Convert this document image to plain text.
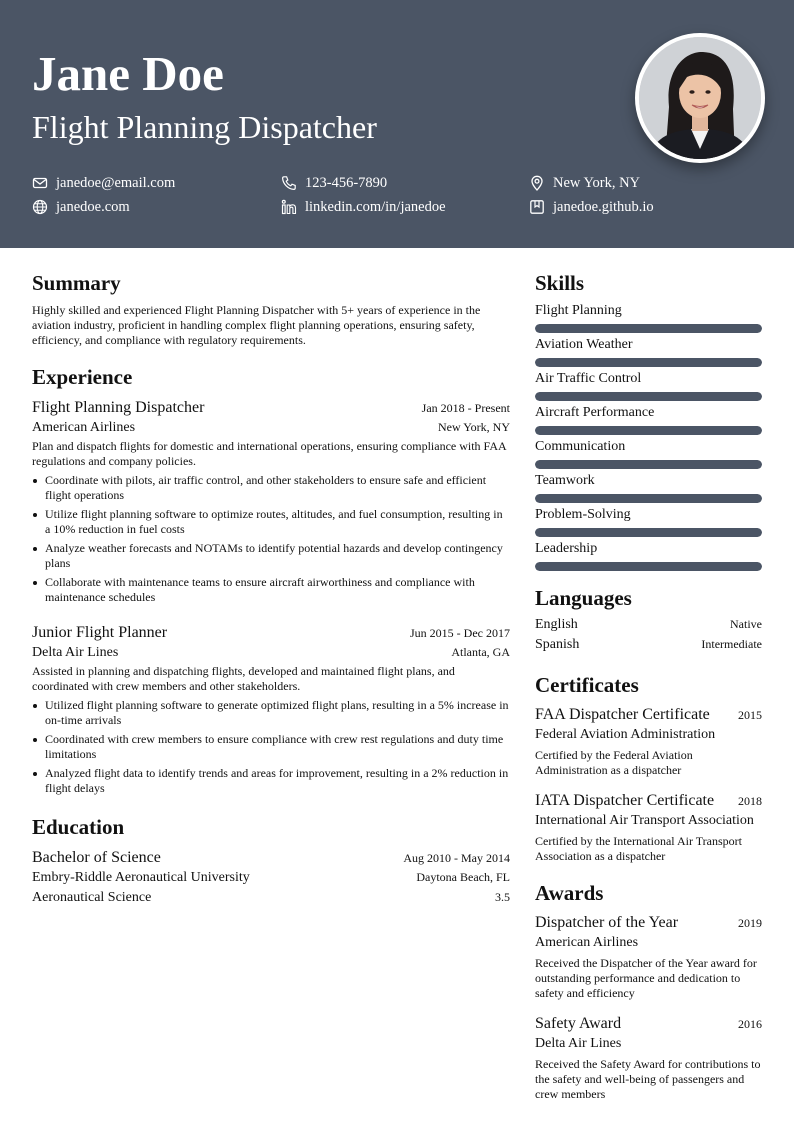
Jane Doe
Flight Planning Dispatcher
janedoe@email.com	123-456-7890	New York, NY
janedoe.com	linkedin.com/in/janedoe	janedoe.github.io
Summary

Highly skilled and experienced Flight Planning Dispatcher with 5+ years of experience in the aviation industry, proficient in handling complex flight planning operations, ensuring safety, efficiency, and compliance with regulatory requirements.

Experience
Flight Planning Dispatcher	Jan 2018 - Present
American Airlines	New York, NY

Plan and dispatch flights for domestic and international operations, ensuring compliance with FAA regulations and company policies.

Coordinate with pilots, air traffic control, and other stakeholders to ensure safe and efficient flight operations
Utilize flight planning software to optimize routes, altitudes, and fuel consumption, resulting in a 10% reduction in fuel costs
Analyze weather forecasts and NOTAMs to identify potential hazards and develop contingency plans
Collaborate with maintenance teams to ensure aircraft airworthiness and compliance with maintenance schedules
Junior Flight Planner	Jun 2015 - Dec 2017
Delta Air Lines	Atlanta, GA

Assisted in planning and dispatching flights, developed and maintained flight plans, and coordinated with crew members and other stakeholders.

Utilized flight planning software to generate optimized flight plans, resulting in a 5% increase in on-time arrivals
Coordinated with crew members to ensure compliance with crew rest regulations and duty time limitations
Analyzed flight data to identify trends and areas for improvement, resulting in a 2% reduction in flight delays
Education
Bachelor of Science	Aug 2010 - May 2014
Embry-Riddle Aeronautical University	Daytona Beach, FL
Aeronautical Science	3.5
Skills
Flight Planning
Aviation Weather
Air Traffic Control
Aircraft Performance
Communication
Teamwork
Problem-Solving
Leadership
Languages
English	Native
Spanish	Intermediate
Certificates
FAA Dispatcher Certificate 2015
Federal Aviation Administration

Certified by the Federal Aviation Administration as a dispatcher

IATA Dispatcher Certificate 2018
International Air Transport Association

Certified by the International Air Transport Association as a dispatcher

Awards
Dispatcher of the Year	2019
American Airlines

Received the Dispatcher of the Year award for outstanding performance and dedication to safety and efficiency

Safety Award	2016
Delta Air Lines

Received the Safety Award for contributions to the safety and well-being of passengers and crew members
